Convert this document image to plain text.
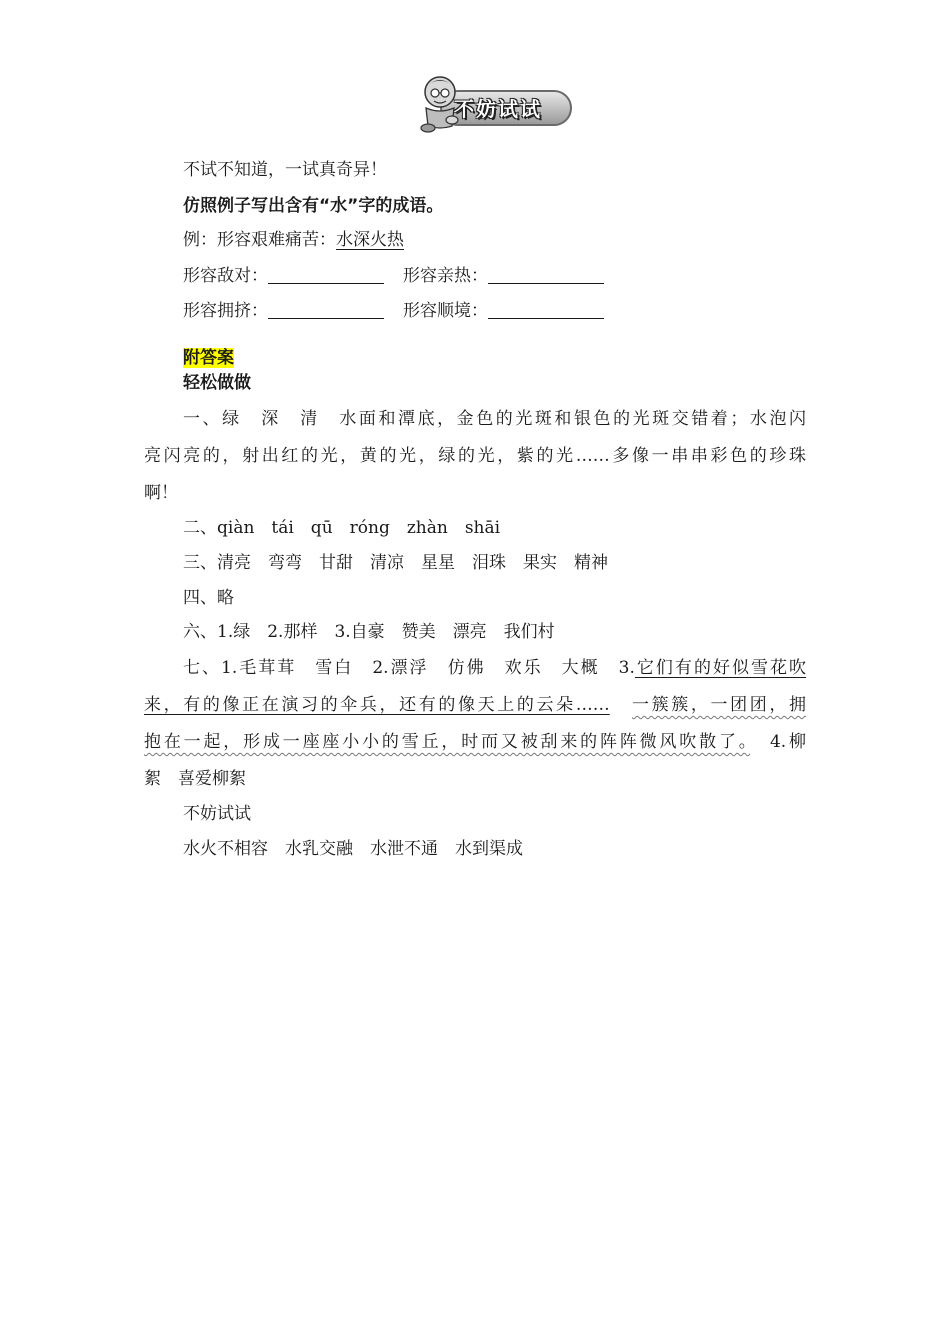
不妨试试
不试不知道，一试真奇异！
仿照例子写出含有“水”字的成语。
例：形容艰难痛苦：水深火热
形容敌对：	形容亲热：
形容拥挤：	形容顺境：
附答案
轻松做做
一、绿　深　清　水面和潭底，金色的光斑和银色的光斑交错着；水泡闪
亮闪亮的，射出红的光，黄的光，绿的光，紫的光……多像一串串彩色的珍珠
啊！
二、qiàn　tái　qū　róng　zhàn　shāi
三、清亮　弯弯　甘甜　清凉　星星　泪珠　果实　精神
四、略
六、1.绿　2.那样　3.自豪　赞美　漂亮　我们村
七、1.毛茸茸　雪白　2.漂浮　仿佛　欢乐　大概　3.它们有的好似雪花吹
来，有的像正在演习的伞兵，还有的像天上的云朵……　 一簇簇，一团团，拥
抱在一起，形成一座座小小的雪丘，时而又被刮来的阵阵微风吹散了。　 4.柳
絮　喜爱柳絮
不妨试试
水火不相容　水乳交融　水泄不通　水到渠成
